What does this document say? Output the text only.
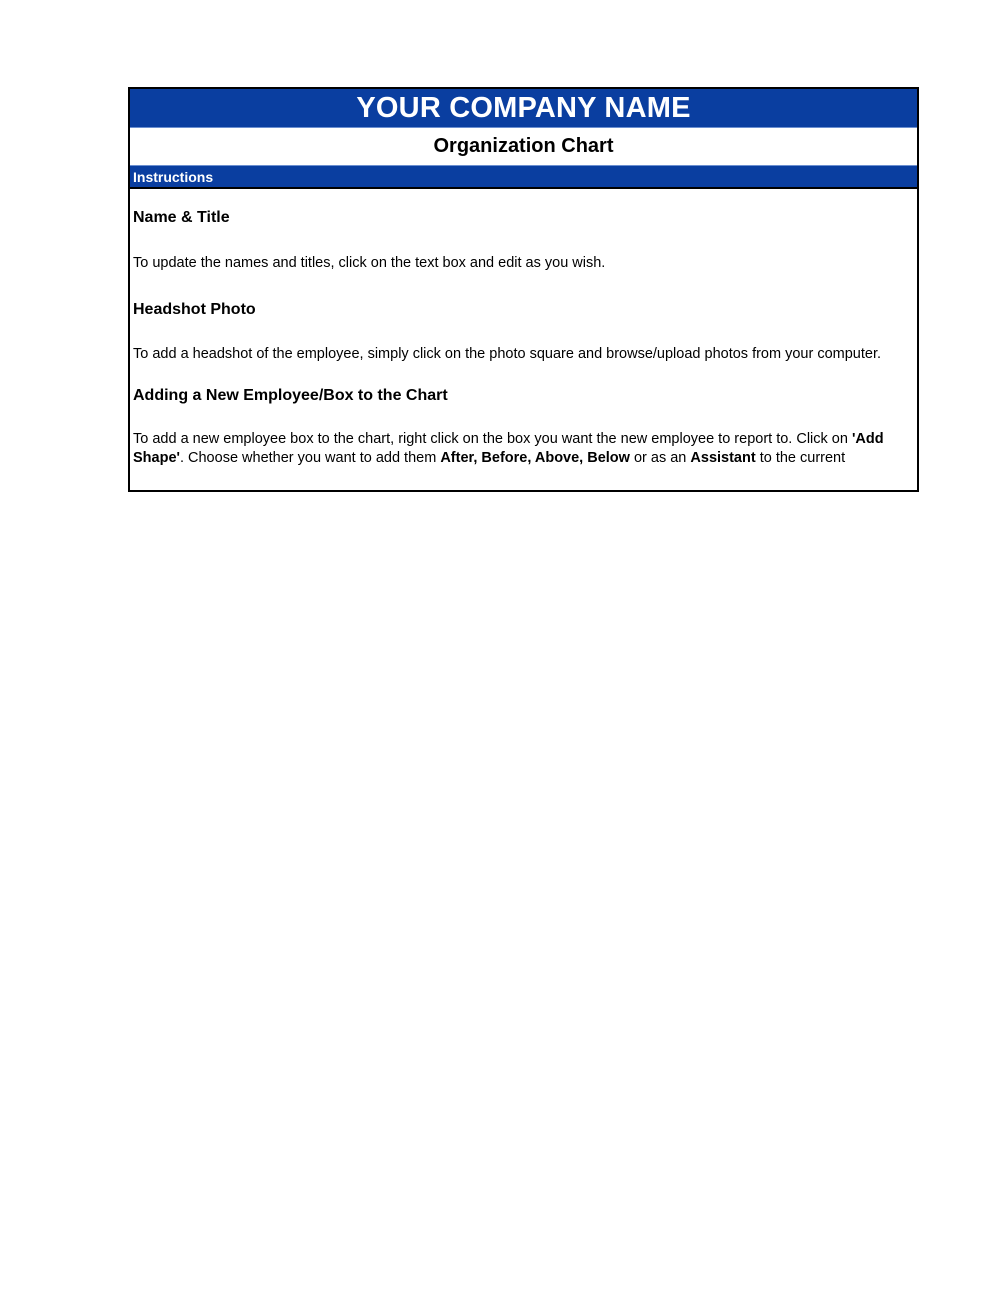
YOUR COMPANY NAME
Organization Chart
Instructions
Name & Title
To update the names and titles, click on the text box and edit as you wish.
Headshot Photo
To add a headshot of the employee, simply click on the photo square and browse/upload photos from your computer.
Adding a New Employee/Box to the Chart
To add a new employee box to the chart, right click on the box you want the new employee to report to. Click on 'Add
Shape'. Choose whether you want to add them After, Before, Above, Below or as an Assistant to the current
